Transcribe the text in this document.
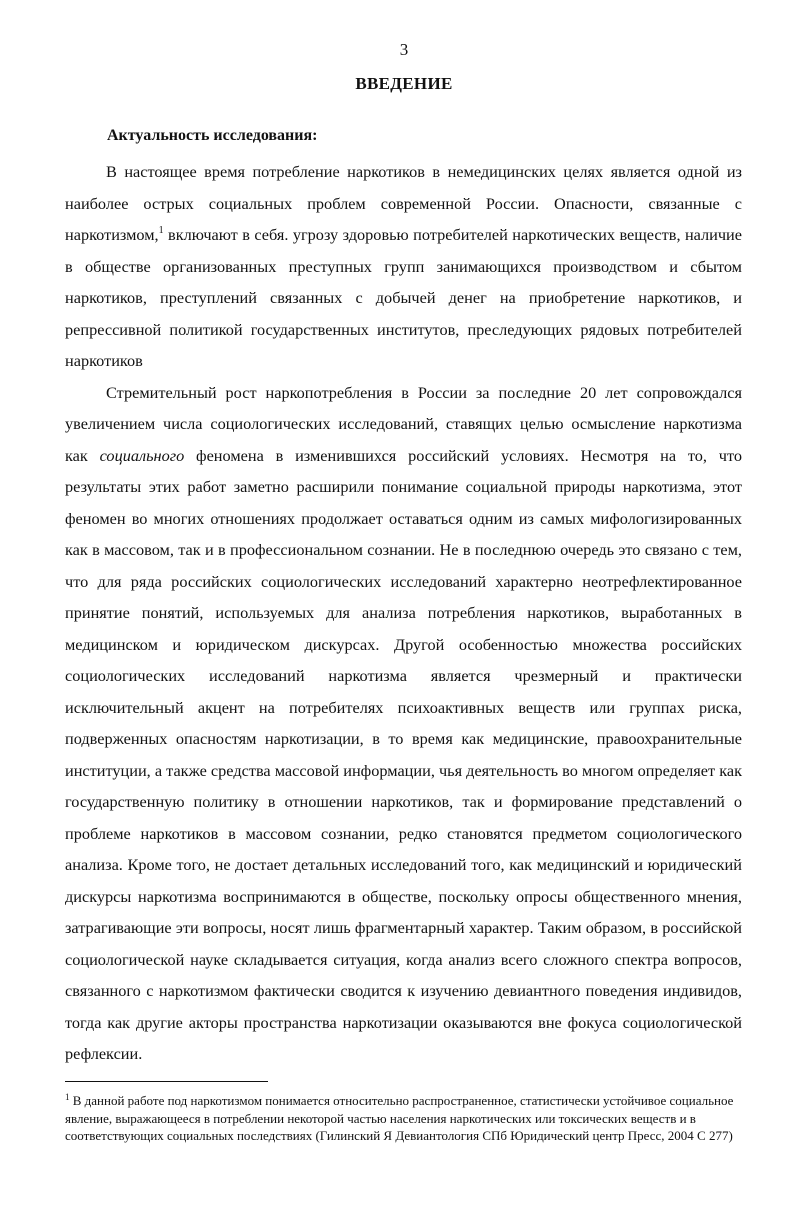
3
ВВЕДЕНИЕ
Актуальность исследования:

В настоящее время потребление наркотиков в немедицинских целях является одной из наиболее острых социальных проблем современной России. Опасности, связанные с наркотизмом,$^1$ включают в себя. угрозу здоровью потребителей наркотических веществ, наличие в обществе организованных преступных групп занимающихся производством и сбытом наркотиков, преступлений связанных с добычей денег на приобретение наркотиков, и репрессивной политикой государственных институтов, преследующих рядовых потребителей наркотиков

Стремительный рост наркопотребления в России за последние 20 лет сопровождался увеличением числа социологических исследований, ставящих целью осмысление наркотизма как социального феномена в изменившихся российский условиях. Несмотря на то, что результаты этих работ заметно расширили понимание социальной природы наркотизма, этот феномен во многих отношениях продолжает оставаться одним из самых мифологизированных как в массовом, так и в профессиональном сознании. Не в последнюю очередь это связано с тем, что для ряда российских социологических исследований характерно неотрефлектированное принятие понятий, используемых для анализа потребления наркотиков, выработанных в медицинском и юридическом дискурсах. Другой особенностью множества российских социологических исследований наркотизма является чрезмерный и практически исключительный акцент на потребителях психоактивных веществ или группах риска, подверженных опасностям наркотизации, в то время как медицинские, правоохранительные институции, а также средства массовой информации, чья деятельность во многом определяет как государственную политику в отношении наркотиков, так и формирование представлений о проблеме наркотиков в массовом сознании, редко становятся предметом социологического анализа. Кроме того, не достает детальных исследований того, как медицинский и юридический дискурсы наркотизма воспринимаются в обществе, поскольку опросы общественного мнения, затрагивающие эти вопросы, носят лишь фрагментарный характер. Таким образом, в российской социологической науке складывается ситуация, когда анализ всего сложного спектра вопросов, связанного с наркотизмом фактически сводится к изучению девиантного поведения индивидов, тогда как другие акторы пространства наркотизации оказываются вне фокуса социологической рефлексии.

$^1$ В данной работе под наркотизмом понимается относительно распространенное, статистически устойчивое социальное явление, выражающееся в потреблении некоторой частью населения наркотических или токсических веществ и в соответствующих социальных последствиях (Гилинский Я Девиантология СПб Юридический центр Пресс, 2004 С 277)
